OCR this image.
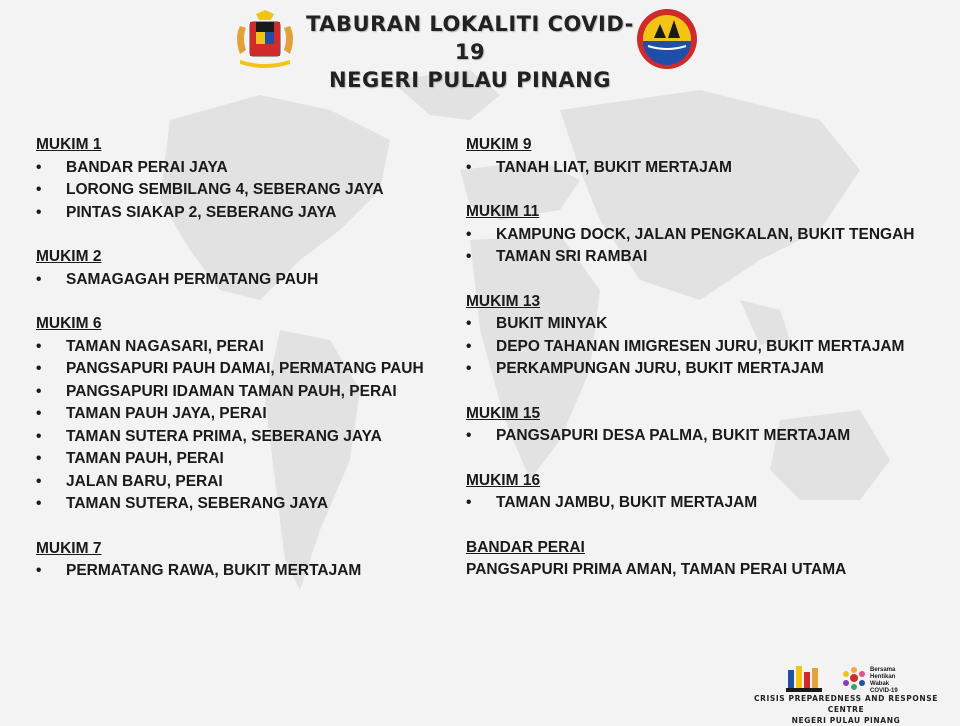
TABURAN LOKALITI COVID-19
NEGERI PULAU PINANG
MUKIM 1
•	BANDAR PERAI JAYA
•	LORONG SEMBILANG 4, SEBERANG JAYA
•	PINTAS SIAKAP 2, SEBERANG JAYA
MUKIM 2
•	SAMAGAGAH PERMATANG PAUH
MUKIM 6
•	TAMAN NAGASARI, PERAI
•	PANGSAPURI PAUH DAMAI, PERMATANG PAUH
•	PANGSAPURI IDAMAN TAMAN PAUH, PERAI
•	TAMAN PAUH JAYA, PERAI
•	TAMAN SUTERA PRIMA, SEBERANG JAYA
•	TAMAN PAUH, PERAI
•	JALAN BARU, PERAI
•	TAMAN SUTERA, SEBERANG JAYA
MUKIM 7
•	PERMATANG RAWA, BUKIT MERTAJAM
MUKIM 9
•	TANAH LIAT, BUKIT MERTAJAM
MUKIM 11
•	KAMPUNG DOCK, JALAN PENGKALAN, BUKIT TENGAH
•	TAMAN SRI RAMBAI
MUKIM 13
•	BUKIT MINYAK
•	DEPO TAHANAN IMIGRESEN JURU, BUKIT MERTAJAM
•	PERKAMPUNGAN JURU, BUKIT MERTAJAM
MUKIM 15
•	PANGSAPURI DESA PALMA, BUKIT MERTAJAM
MUKIM 16
•	TAMAN JAMBU, BUKIT MERTAJAM
BANDAR PERAI
PANGSAPURI PRIMA AMAN, TAMAN PERAI UTAMA
Bersama Hentikan Wabak COVID-19
CRISIS PREPAREDNESS AND RESPONSE CENTRE
NEGERI PULAU PINANG
